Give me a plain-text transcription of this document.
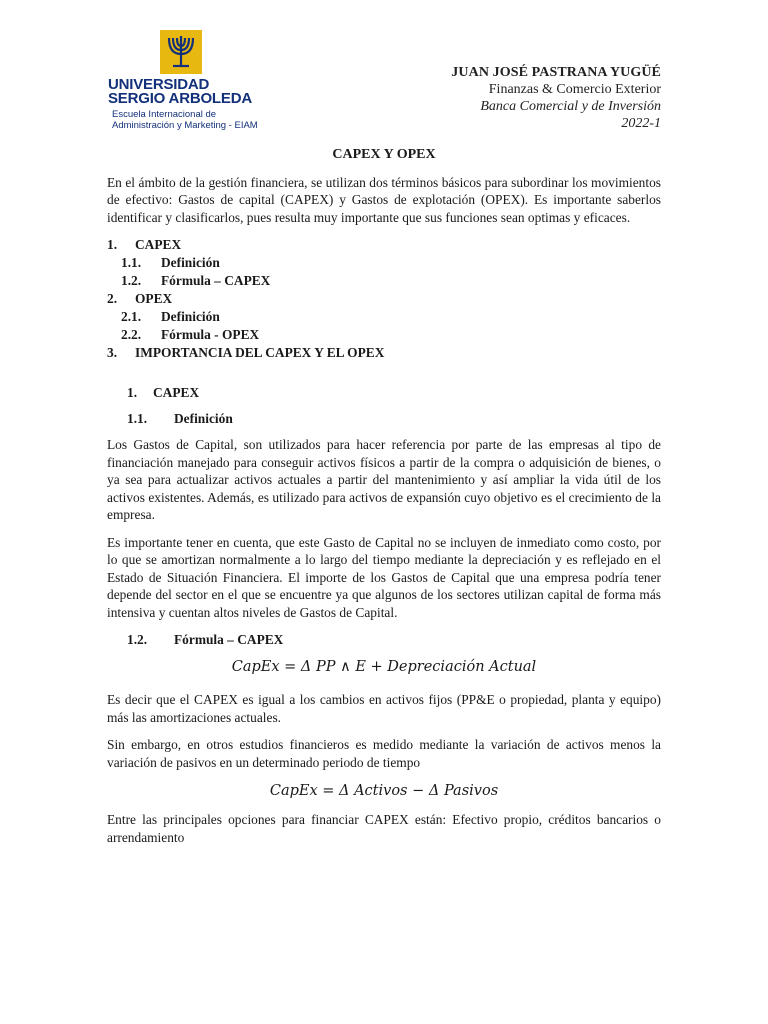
UNIVERSIDAD
SERGIO ARBOLEDA
Escuela Internacional de
Administración y Marketing - EIAM
JUAN JOSÉ PASTRANA YUGÜÉ
Finanzas & Comercio Exterior
Banca Comercial y de Inversión
2022-1
CAPEX Y OPEX

En el ámbito de la gestión financiera, se utilizan dos términos básicos para subordinar los movimientos de efectivo: Gastos de capital (CAPEX) y Gastos de explotación (OPEX). Es importante saberlos identificar y clasificarlos, pues resulta muy importante que sus funciones sean optimas y eficaces.

1. CAPEX
1.1. Definición
1.2. Fórmula – CAPEX
2. OPEX
2.1. Definición
2.2. Fórmula - OPEX
3. IMPORTANCIA DEL CAPEX Y EL OPEX
1. CAPEX
1.1. Definición

Los Gastos de Capital, son utilizados para hacer referencia por parte de las empresas al tipo de financiación manejado para conseguir activos físicos a partir de la compra o adquisición de bienes, o ya sea para actualizar activos actuales a partir del mantenimiento y así ampliar la vida útil de los activos existentes. Además, es utilizado para activos de expansión cuyo objetivo es el crecimiento de la empresa.

Es importante tener en cuenta, que este Gasto de Capital no se incluyen de inmediato como costo, por lo que se amortizan normalmente a lo largo del tiempo mediante la depreciación y es reflejado en el Estado de Situación Financiera. El importe de los Gastos de Capital que una empresa podría tener depende del sector en el que se encuentre ya que algunos de los sectores utilizan capital de forma más intensiva y cuentan altos niveles de Gastos de Capital.

1.2. Fórmula – CAPEX
CapEx = Δ PP ∧ E + Depreciación Actual

Es decir que el CAPEX es igual a los cambios en activos fijos (PP&E o propiedad, planta y equipo) más las amortizaciones actuales.

Sin embargo, en otros estudios financieros es medido mediante la variación de activos menos la variación de pasivos en un determinado periodo de tiempo

CapEx = Δ Activos − Δ Pasivos

Entre las principales opciones para financiar CAPEX están: Efectivo propio, créditos bancarios o arrendamiento
